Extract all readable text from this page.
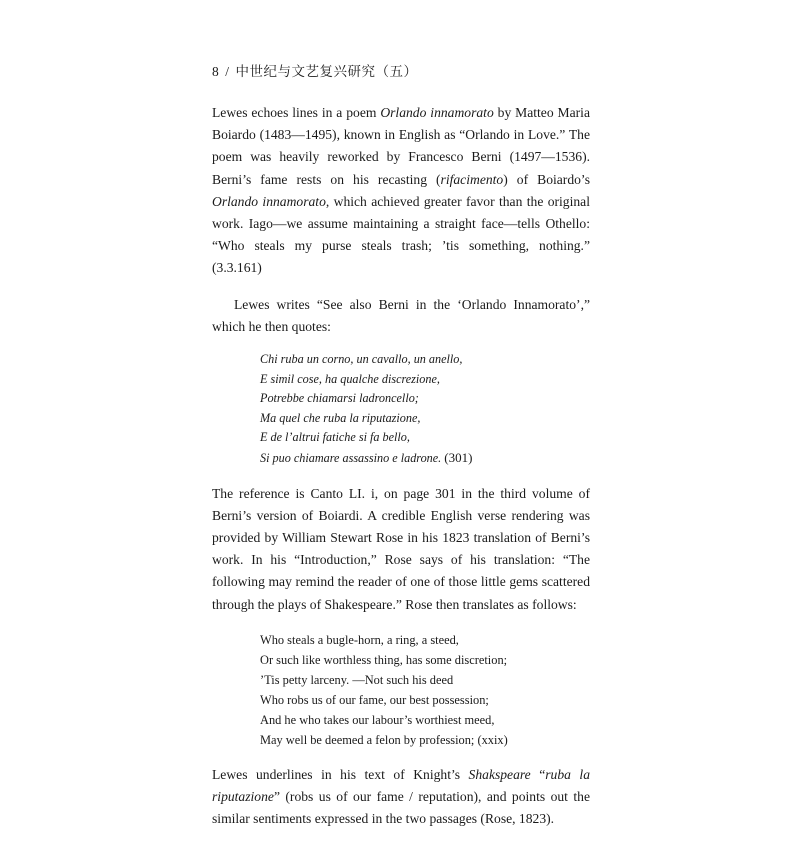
8 / 中世纪与文艺复兴研究（五）

Lewes echoes lines in a poem Orlando innamorato by Matteo Maria Boiardo (1483—1495), known in English as “Orlando in Love.” The poem was heavily reworked by Francesco Berni (1497—1536). Berni’s fame rests on his recasting (rifacimento) of Boiardo’s Orlando innamorato, which achieved greater favor than the original work. Iago—we assume maintaining a straight face—tells Othello: “Who steals my purse steals trash; ’tis something, nothing.” (3.3.161)

Lewes writes “See also Berni in the ‘Orlando Innamorato’,” which he then quotes:

Chi ruba un corno, un cavallo, un anello,
E simil cose, ha qualche discrezione,
Potrebbe chiamarsi ladroncello;
Ma quel che ruba la riputazione,
E de l’altrui fatiche si fa bello,
Si puo chiamare assassino e ladrone. (301)

The reference is Canto LI. i, on page 301 in the third volume of Berni’s version of Boiardi. A credible English verse rendering was provided by William Stewart Rose in his 1823 translation of Berni’s work. In his “Introduction,” Rose says of his translation: “The following may remind the reader of one of those little gems scattered through the plays of Shakespeare.” Rose then translates as follows:

Who steals a bugle-horn, a ring, a steed,
Or such like worthless thing, has some discretion;
’Tis petty larceny. —Not such his deed
Who robs us of our fame, our best possession;
And he who takes our labour’s worthiest meed,
May well be deemed a felon by profession; (xxix)

Lewes underlines in his text of Knight’s Shakspeare “ruba la riputazione” (robs us of our fame / reputation), and points out the similar sentiments expressed in the two passages (Rose, 1823).
